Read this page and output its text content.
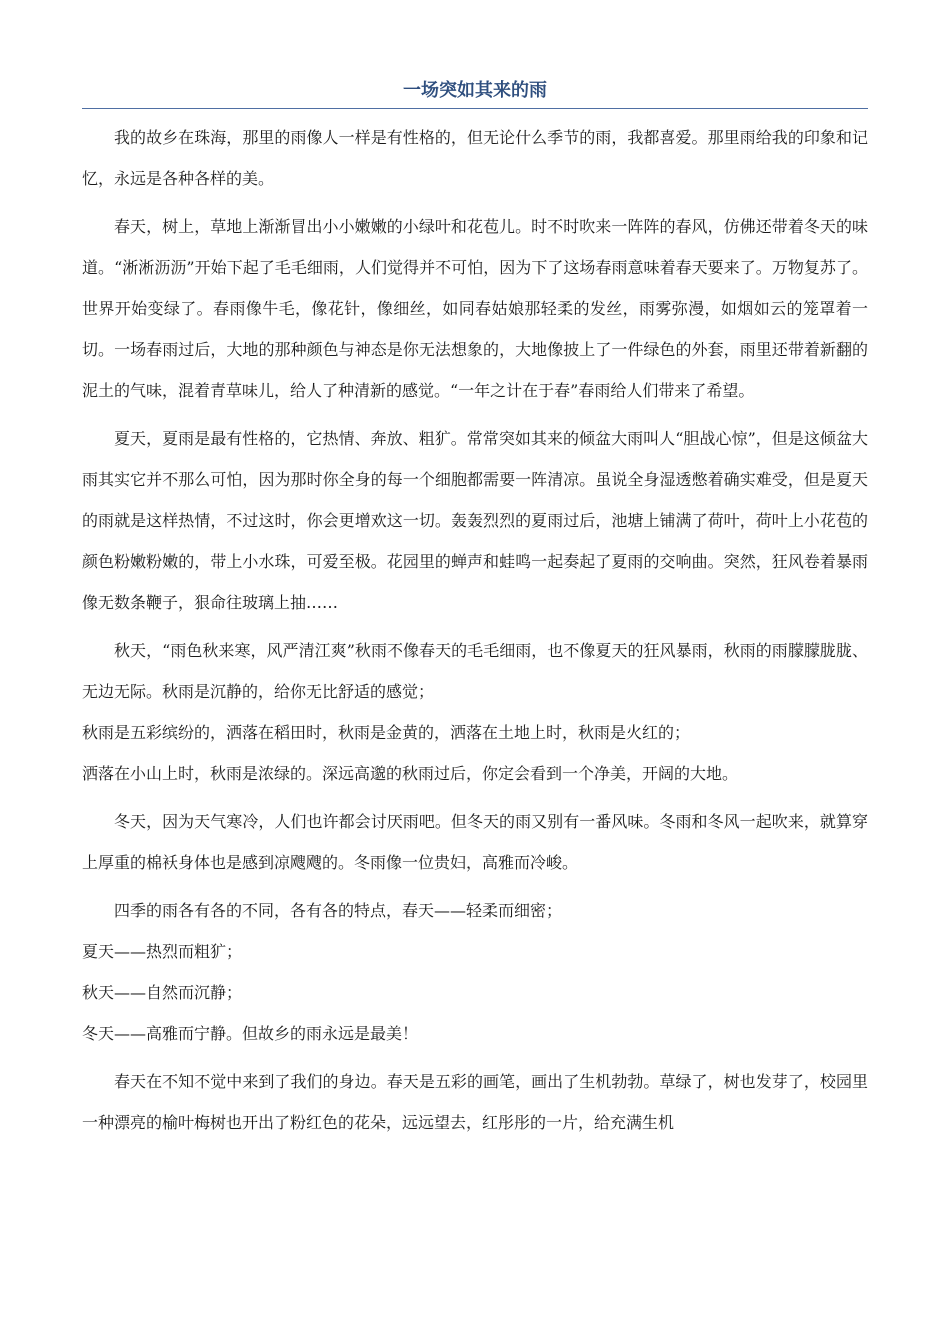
一场突如其来的雨

我的故乡在珠海，那里的雨像人一样是有性格的，但无论什么季节的雨，我都喜爱。那里雨给我的印象和记忆，永远是各种各样的美。

春天，树上，草地上渐渐冒出小小嫩嫩的小绿叶和花苞儿。时不时吹来一阵阵的春风，仿佛还带着冬天的味道。“淅淅沥沥”开始下起了毛毛细雨，人们觉得并不可怕，因为下了这场春雨意味着春天要来了。万物复苏了。世界开始变绿了。春雨像牛毛，像花针，像细丝，如同春姑娘那轻柔的发丝，雨雾弥漫，如烟如云的笼罩着一切。一场春雨过后，大地的那种颜色与神态是你无法想象的，大地像披上了一件绿色的外套，雨里还带着新翻的泥土的气味，混着青草味儿，给人了种清新的感觉。“一年之计在于春”春雨给人们带来了希望。

夏天，夏雨是最有性格的，它热情、奔放、粗犷。常常突如其来的倾盆大雨叫人“胆战心惊”，但是这倾盆大雨其实它并不那么可怕，因为那时你全身的每一个细胞都需要一阵清凉。虽说全身湿透憋着确实难受，但是夏天的雨就是这样热情，不过这时，你会更增欢这一切。轰轰烈烈的夏雨过后，池塘上铺满了荷叶，荷叶上小花苞的颜色粉嫩粉嫩的，带上小水珠，可爱至极。花园里的蝉声和蛙鸣一起奏起了夏雨的交响曲。突然，狂风卷着暴雨像无数条鞭子，狠命往玻璃上抽……

秋天，“雨色秋来寒，风严清江爽”秋雨不像春天的毛毛细雨，也不像夏天的狂风暴雨，秋雨的雨朦朦胧胧、无边无际。秋雨是沉静的，给你无比舒适的感觉；

秋雨是五彩缤纷的，洒落在稻田时，秋雨是金黄的，洒落在土地上时，秋雨是火红的；

洒落在小山上时，秋雨是浓绿的。深远高邈的秋雨过后，你定会看到一个净美，开阔的大地。

冬天，因为天气寒冷，人们也许都会讨厌雨吧。但冬天的雨又别有一番风味。冬雨和冬风一起吹来，就算穿上厚重的棉袄身体也是感到凉飕飕的。冬雨像一位贵妇，高雅而冷峻。

四季的雨各有各的不同，各有各的特点，春天——轻柔而细密；

夏天——热烈而粗犷；

秋天——自然而沉静；

冬天——高雅而宁静。但故乡的雨永远是最美！

春天在不知不觉中来到了我们的身边。春天是五彩的画笔，画出了生机勃勃。草绿了，树也发芽了，校园里一种漂亮的榆叶梅树也开出了粉红色的花朵，远远望去，红彤彤的一片，给充满生机
